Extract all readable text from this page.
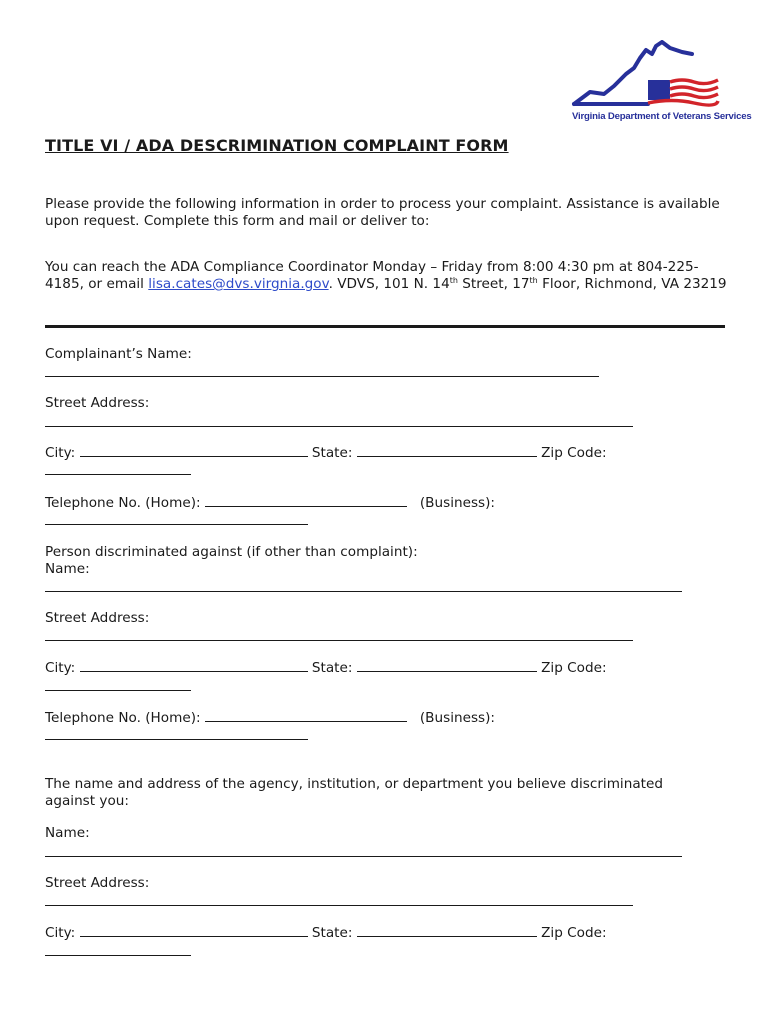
Virginia Department of Veterans Services
TITLE VI / ADA DESCRIMINATION COMPLAINT FORM

Please provide the following information in order to process your complaint. Assistance is available upon request. Complete this form and mail or deliver to:

You can reach the ADA Compliance Coordinator Monday – Friday from 8:00 4:30 pm at 804-225-4185, or email lisa.cates@dvs.virgnia.gov. VDVS, 101 N. 14th Street, 17th Floor, Richmond, VA 23219

Complainant’s Name:

Street Address:

City:	State:	Zip Code:

Telephone No. (Home):	(Business):

Person discriminated against (if other than complaint):

Name:

Street Address:

City:	State:	Zip Code:

Telephone No. (Home):	(Business):

The name and address of the agency, institution, or department you believe discriminated against you:

Name:

Street Address:

City:	State:	Zip Code:
